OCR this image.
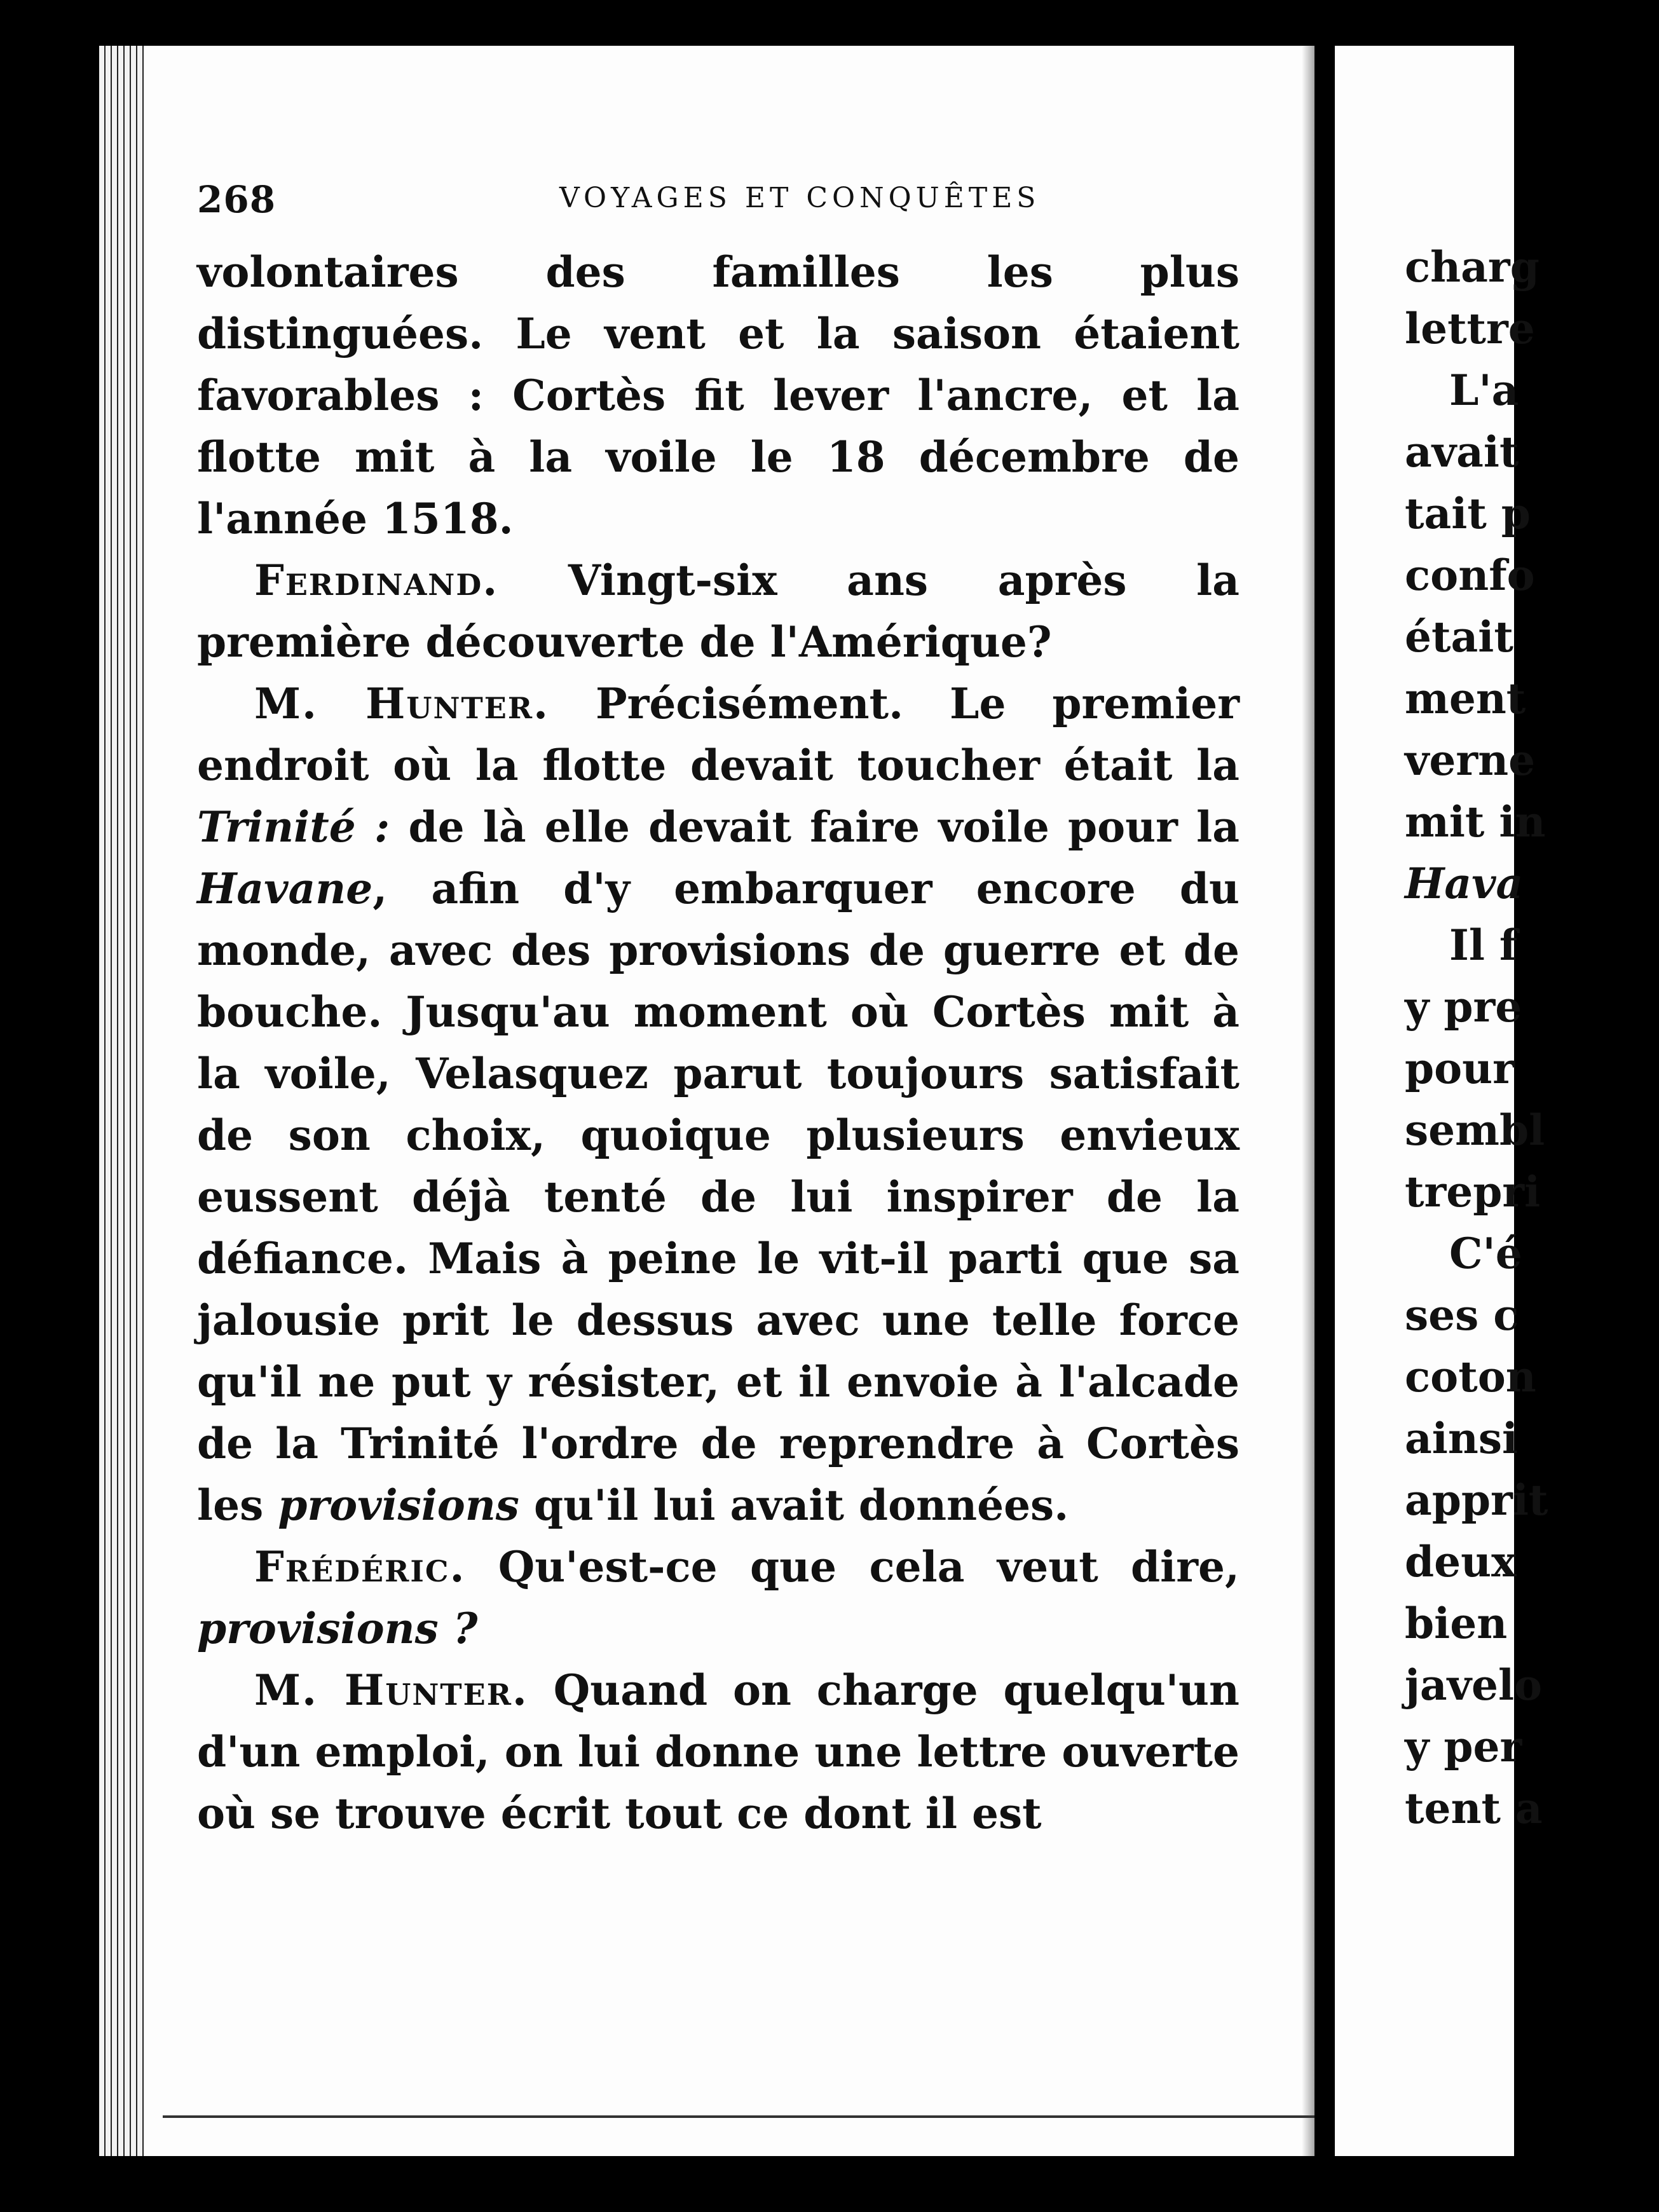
268	VOYAGES ET CONQUÊTES

volontaires des familles les plus distinguées. Le vent et la saison étaient favorables : Cortès fit lever l'ancre, et la flotte mit à la voile le 18 décembre de l'année 1518.

Ferdinand. Vingt-six ans après la première découverte de l'Amérique?

M. Hunter. Précisément. Le premier endroit où la flotte devait toucher était la Trinité : de là elle devait faire voile pour la Havane, afin d'y embarquer encore du monde, avec des provisions de guerre et de bouche. Jusqu'au moment où Cortès mit à la voile, Velasquez parut toujours satisfait de son choix, quoique plusieurs envieux eussent déjà tenté de lui inspirer de la défiance. Mais à peine le vit-il parti que sa jalousie prit le dessus avec une telle force qu'il ne put y résister, et il envoie à l'alcade de la Trinité l'ordre de reprendre à Cortès les provisions qu'il lui avait données.

Frédéric. Qu'est-ce que cela veut dire, provisions ?

M. Hunter. Quand on charge quelqu'un d'un emploi, on lui donne une lettre ouverte où se trouve écrit tout ce dont il est

charg
lettre
L'a
avait
tait p
confo
était
ment
verne
mit in
Hava
Il f
y pre
pour
sembl
trepri
C'é
ses c
coton
ainsi
apprit
deux
bien
javelo
y per
tent a
